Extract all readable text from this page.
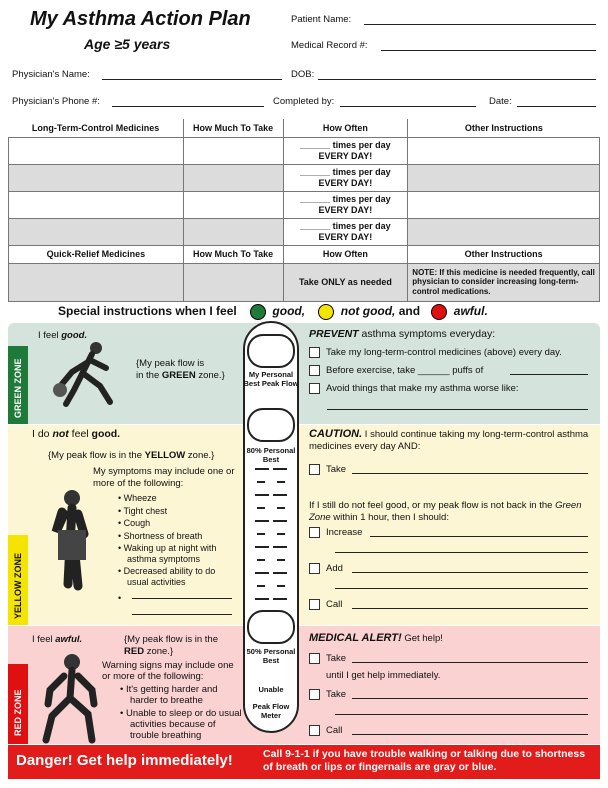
My Asthma Action Plan
Age ≥5 years
Patient Name:
Medical Record #:
Physician's Name:	DOB:
Physician's Phone #:	Completed by:	Date:
Long-Term-Control Medicines	How Much To Take	How Often	Other Instructions

		______ times per day
EVERY DAY!	

		______ times per day
EVERY DAY!	

		______ times per day
EVERY DAY!	

		______ times per day
EVERY DAY!	

Quick-Relief Medicines	How Much To Take	How Often	Other Instructions
		Take ONLY as needed	NOTE: If this medicine is needed frequently, call physician to consider increasing long-term-control medications.
Special instructions when I feel	good,	not good, and	awful.
GREEN ZONE
I feel good.
{My peak flow is
in the GREEN zone.}
PREVENT asthma symptoms everyday:
Take my long-term-control medicines (above) every day.
Before exercise, take ______ puffs of
Avoid things that make my asthma worse like:
YELLOW ZONE
I do not feel good.
{My peak flow is in the YELLOW zone.}
My symptoms may include one or more of the following:
• Wheeze
• Tight chest
• Cough
• Shortness of breath
• Waking up at night with asthma symptoms
• Decreased ability to do usual activities
•
CAUTION. I should continue taking my long-term-control asthma medicines every day AND:
Take
If I still do not feel good, or my peak flow is not back in the Green Zone within 1 hour, then I should:
Increase
Add
Call
RED ZONE
I feel awful.	{My peak flow is in the
RED zone.}
Warning signs may include one or more of the following:
• It's getting harder and harder to breathe
• Unable to sleep or do usual activities because of trouble breathing
MEDICAL ALERT! Get help!
Take
until I get help immediately.
Take
Call
My Personal Best Peak Flow
80% Personal Best
50% Personal Best
Unable
Peak Flow Meter
Danger! Get help immediately!	Call 9-1-1 if you have trouble walking or talking due to shortness of breath or lips or fingernails are gray or blue.
